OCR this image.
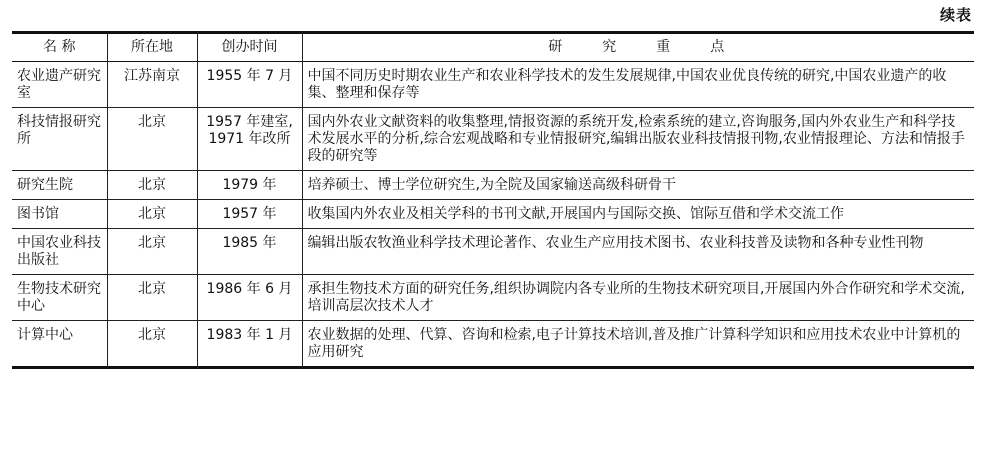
续表
名 称	所在地	创办时间	研究重点
农业遗产研究室	江苏南京	1955 年 7 月	中国不同历史时期农业生产和农业科学技术的发生发展规律,中国农业优良传统的研究,中国农业遗产的收集、整理和保存等
科技情报研究所	北京	1957 年建室, 1971 年改所	国内外农业文献资料的收集整理,情报资源的系统开发,检索系统的建立,咨询服务,国内外农业生产和科学技术发展水平的分析,综合宏观战略和专业情报研究,编辑出版农业科技情报刊物,农业情报理论、方法和情报手段的研究等
研究生院	北京	1979 年	培养硕士、博士学位研究生,为全院及国家输送高级科研骨干
图书馆	北京	1957 年	收集国内外农业及相关学科的书刊文献,开展国内与国际交换、馆际互借和学术交流工作
中国农业科技出版社	北京	1985 年	编辑出版农牧渔业科学技术理论著作、农业生产应用技术图书、农业科技普及读物和各种专业性刊物
生物技术研究中心	北京	1986 年 6 月	承担生物技术方面的研究任务,组织协调院内各专业所的生物技术研究项目,开展国内外合作研究和学术交流,培训高层次技术人才
计算中心	北京	1983 年 1 月	农业数据的处理、代算、咨询和检索,电子计算技术培训,普及推广计算科学知识和应用技术农业中计算机的应用研究
